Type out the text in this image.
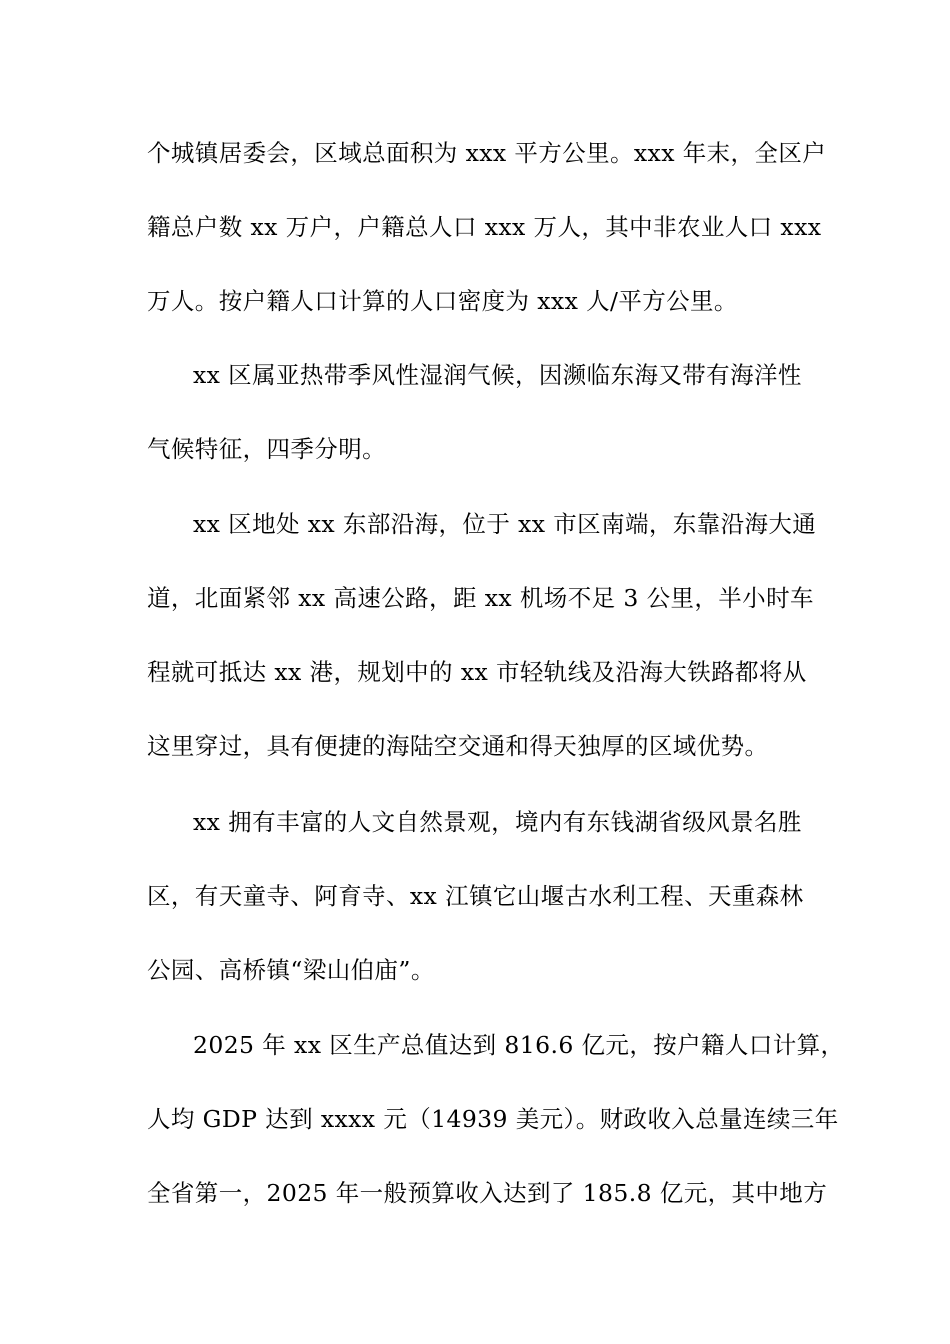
个城镇居委会，区域总面积为 xxx 平方公里。xxx 年末，全区户
籍总户数 xx 万户，户籍总人口 xxx 万人，其中非农业人口 xxx
万人。按户籍人口计算的人口密度为 xxx 人/平方公里。
xx 区属亚热带季风性湿润气候，因濒临东海又带有海洋性
气候特征，四季分明。
xx 区地处 xx 东部沿海，位于 xx 市区南端，东靠沿海大通
道，北面紧邻 xx 高速公路，距 xx 机场不足 3 公里，半小时车
程就可抵达 xx 港，规划中的 xx 市轻轨线及沿海大铁路都将从
这里穿过，具有便捷的海陆空交通和得天独厚的区域优势。
xx 拥有丰富的人文自然景观，境内有东钱湖省级风景名胜
区，有天童寺、阿育寺、xx 江镇它山堰古水利工程、天重森林
公园、高桥镇“梁山伯庙”。
2025 年 xx 区生产总值达到 816.6 亿元，按户籍人口计算，
人均 GDP 达到 xxxx 元（14939 美元）。财政收入总量连续三年
全省第一，2025 年一般预算收入达到了 185.8 亿元，其中地方
